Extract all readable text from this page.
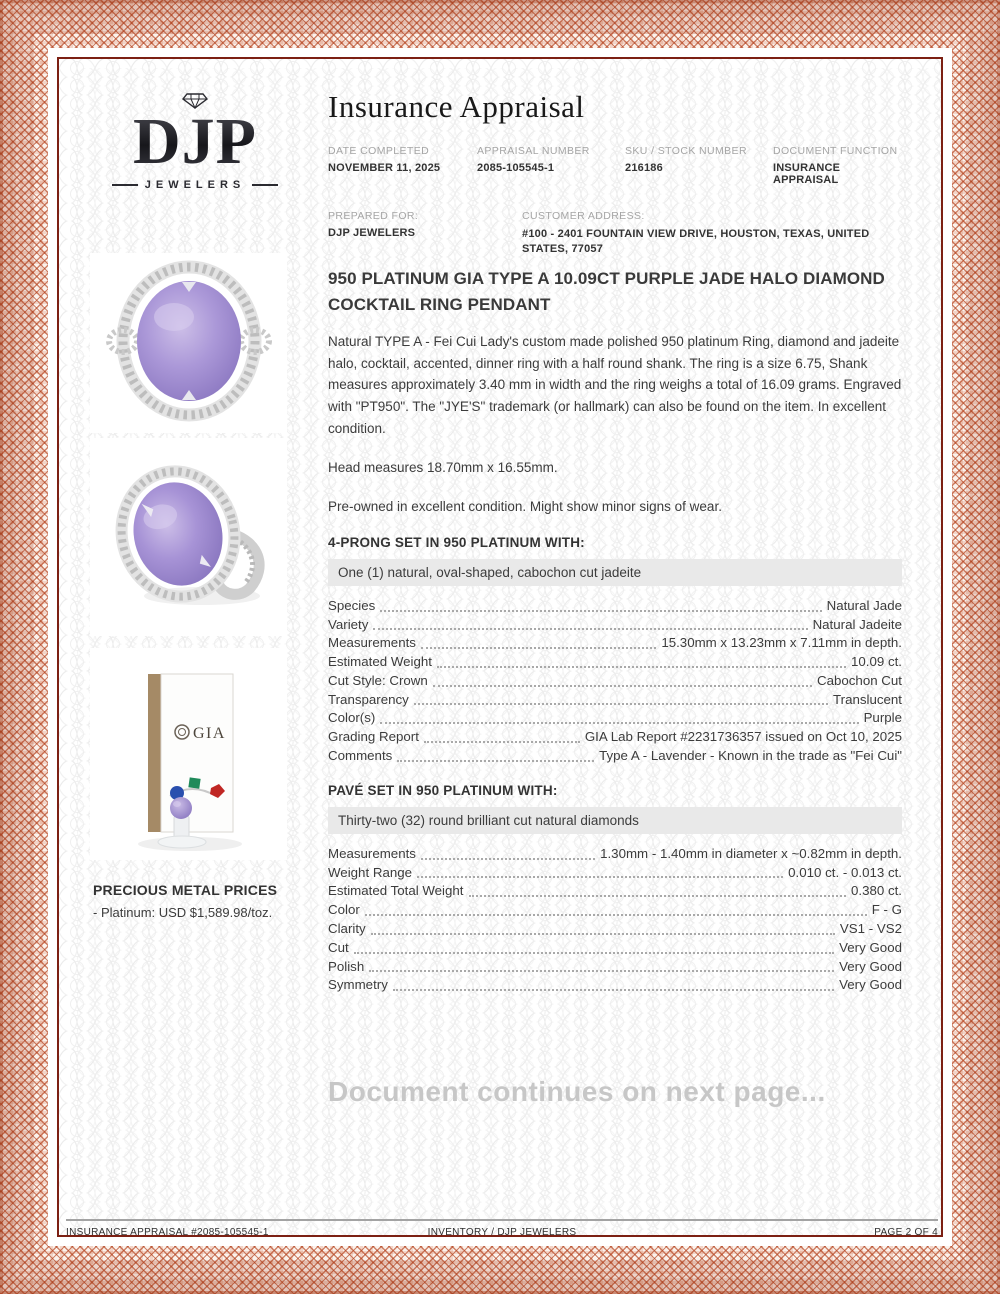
DJP
JEWELERS
Insurance Appraisal
DATE COMPLETED
NOVEMBER 11, 2025
APPRAISAL NUMBER
2085-105545-1
SKU / STOCK NUMBER
216186
DOCUMENT FUNCTION
INSURANCE APPRAISAL
PREPARED FOR:
DJP JEWELERS
CUSTOMER ADDRESS:
#100 - 2401 FOUNTAIN VIEW DRIVE, HOUSTON, TEXAS, UNITED STATES, 77057
GIA
PRECIOUS METAL PRICES

- Platinum: USD $1,589.98/toz.

950 PLATINUM GIA TYPE A 10.09CT PURPLE JADE HALO DIAMOND COCKTAIL RING PENDANT

Natural TYPE A - Fei Cui Lady's custom made polished 950 platinum Ring, diamond and jadeite halo, cocktail, accented, dinner ring with a half round shank. The ring is a size 6.75, Shank measures approximately 3.40 mm in width and the ring weighs a total of 16.09 grams. Engraved with "PT950". The "JYE'S" trademark (or hallmark) can also be found on the item. In excellent condition.

Head measures 18.70mm x 16.55mm.

Pre-owned in excellent condition. Might show minor signs of wear.

4-PRONG SET IN 950 PLATINUM WITH:
One (1) natural, oval-shaped, cabochon cut jadeite
Species	Natural Jade
Variety	Natural Jadeite
Measurements	15.30mm x 13.23mm x 7.11mm in depth.
Estimated Weight	10.09 ct.
Cut Style: Crown	Cabochon Cut
Transparency	Translucent
Color(s)	Purple
Grading Report	GIA Lab Report #2231736357 issued on Oct 10, 2025
Comments	Type A - Lavender - Known in the trade as "Fei Cui"
PAVÉ SET IN 950 PLATINUM WITH:
Thirty-two (32) round brilliant cut natural diamonds
Measurements	1.30mm - 1.40mm in diameter x ~0.82mm in depth.
Weight Range	0.010 ct. - 0.013 ct.
Estimated Total Weight	0.380 ct.
Color	F - G
Clarity	VS1 - VS2
Cut	Very Good
Polish	Very Good
Symmetry	Very Good
Document continues on next page...
INSURANCE APPRAISAL #2085-105545-1	INVENTORY / DJP JEWELERS	PAGE 2 OF 4
